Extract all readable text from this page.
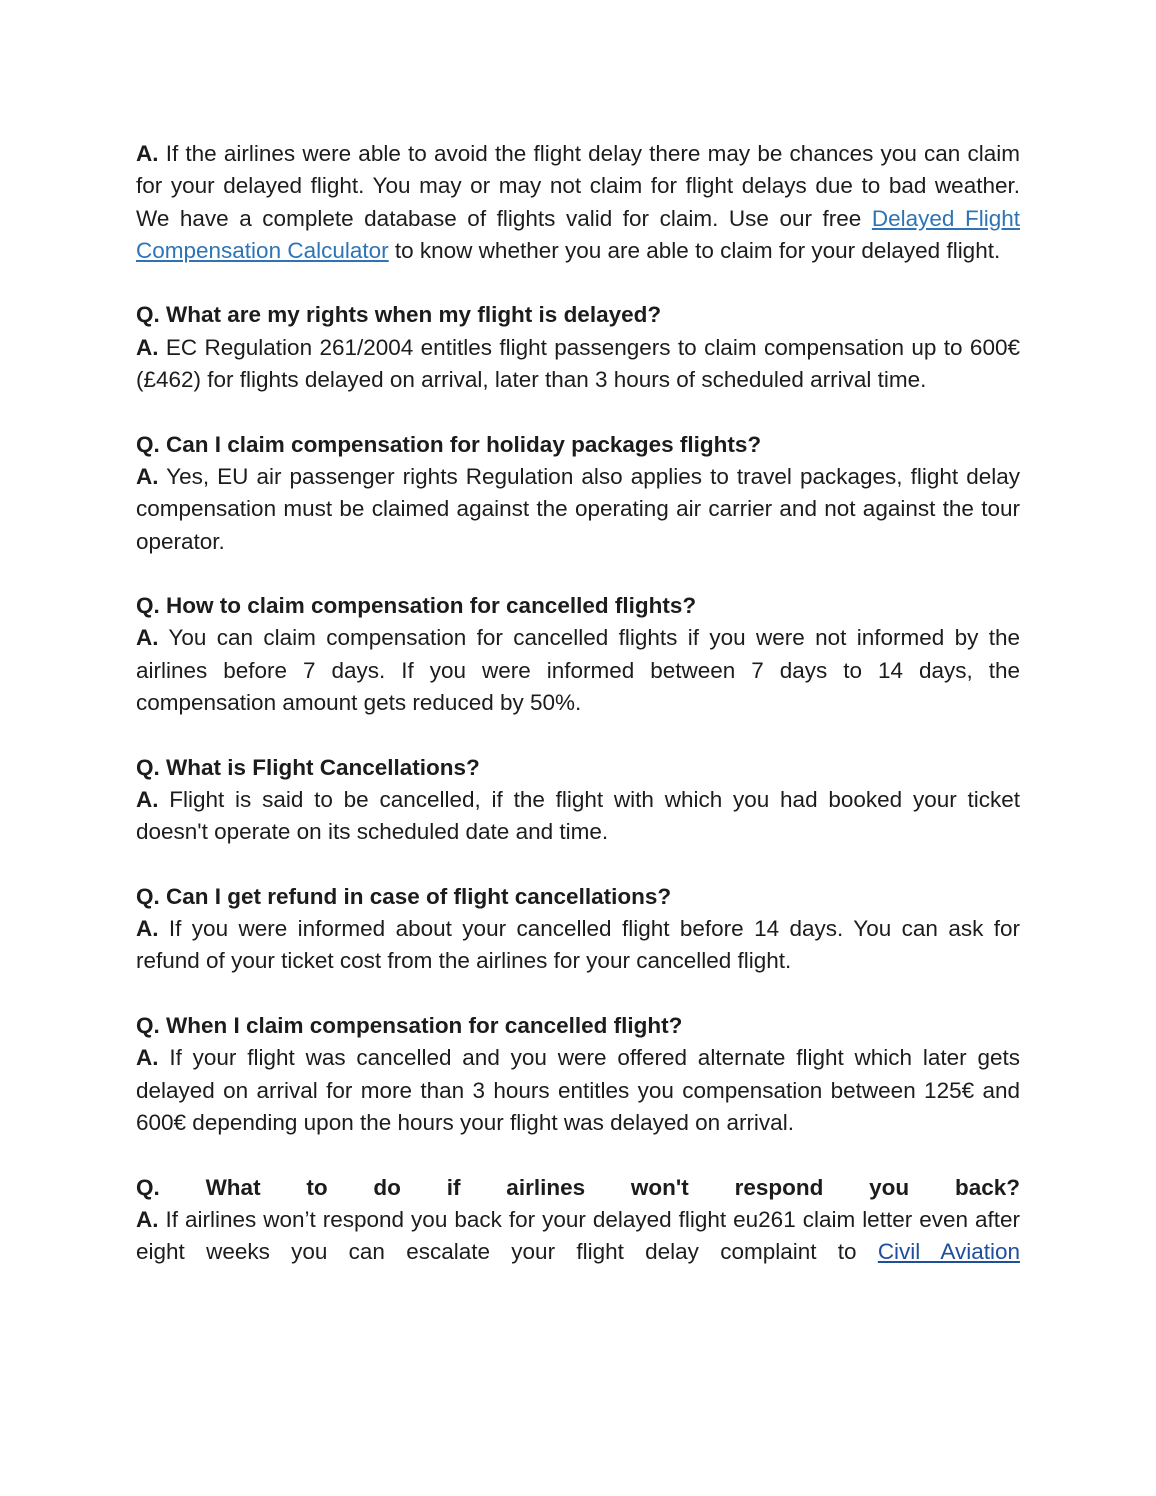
A. If the airlines were able to avoid the flight delay there may be chances you can claim for your delayed flight. You may or may not claim for flight delays due to bad weather. We have a complete database of flights valid for claim. Use our free Delayed Flight Compensation Calculator to know whether you are able to claim for your delayed flight.

Q. What are my rights when my flight is delayed?
A. EC Regulation 261/2004 entitles flight passengers to claim compensation up to 600€ (£462) for flights delayed on arrival, later than 3 hours of scheduled arrival time.
Q. Can I claim compensation for holiday packages flights?
A. Yes, EU air passenger rights Regulation also applies to travel packages, flight delay compensation must be claimed against the operating air carrier and not against the tour operator.
Q. How to claim compensation for cancelled flights?
A. You can claim compensation for cancelled flights if you were not informed by the airlines before 7 days. If you were informed between 7 days to 14 days, the compensation amount gets reduced by 50%.
Q. What is Flight Cancellations?
A. Flight is said to be cancelled, if the flight with which you had booked your ticket doesn't operate on its scheduled date and time.
Q. Can I get refund in case of flight cancellations?
A. If you were informed about your cancelled flight before 14 days. You can ask for refund of your ticket cost from the airlines for your cancelled flight.
Q. When I claim compensation for cancelled flight?
A. If your flight was cancelled and you were offered alternate flight which later gets delayed on arrival for more than 3 hours entitles you compensation between 125€ and 600€ depending upon the hours your flight was delayed on arrival.
Q. What to do if airlines won't respond you back?
A. If airlines won’t respond you back for your delayed flight eu261 claim letter even after eight weeks you can escalate your flight delay complaint to Civil Aviation
